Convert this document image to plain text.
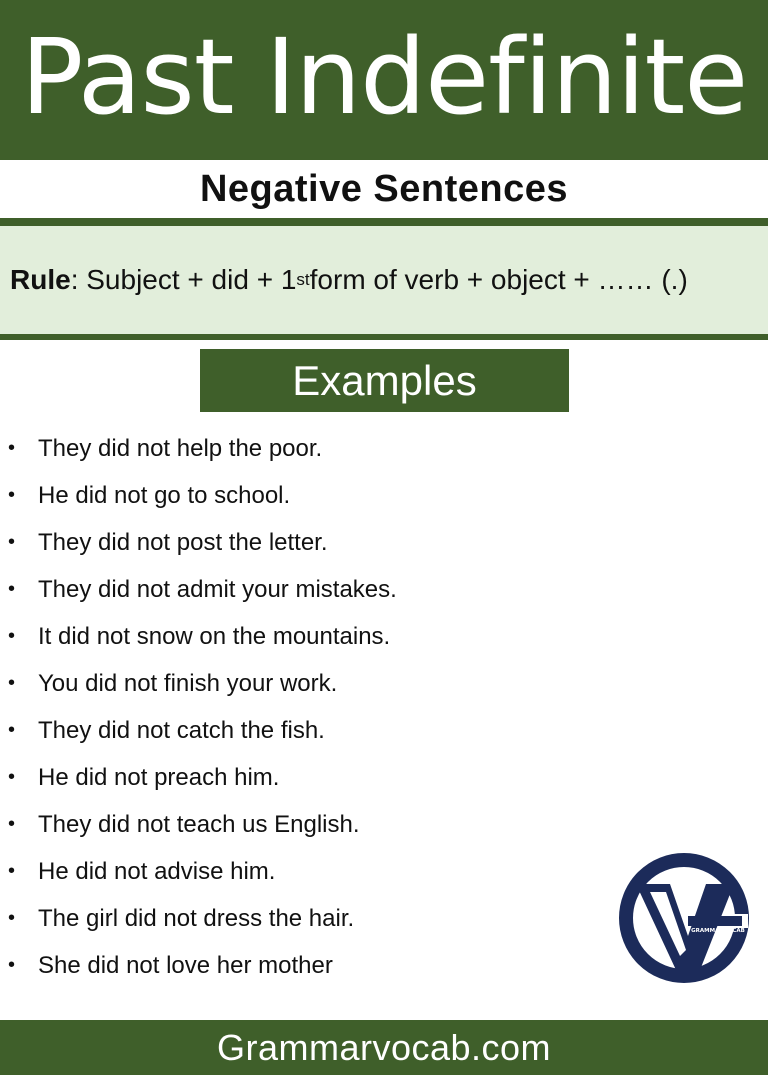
Past Indefinite
Negative Sentences
Rule : Subject + did + 1 st form of verb + object + …… (.)
Examples
• They did not help the poor.
• He did not go to school.
• They did not post the letter.
• They did not admit your mistakes.
• It did not snow on the mountains.
• You did not finish your work.
• They did not catch the fish.
• He did not preach him.
• They did not teach us English.
• He did not advise him.
• The girl did not dress the hair.
• She did not love her mother
GRAMMARVOCAB
Grammarvocab.com
